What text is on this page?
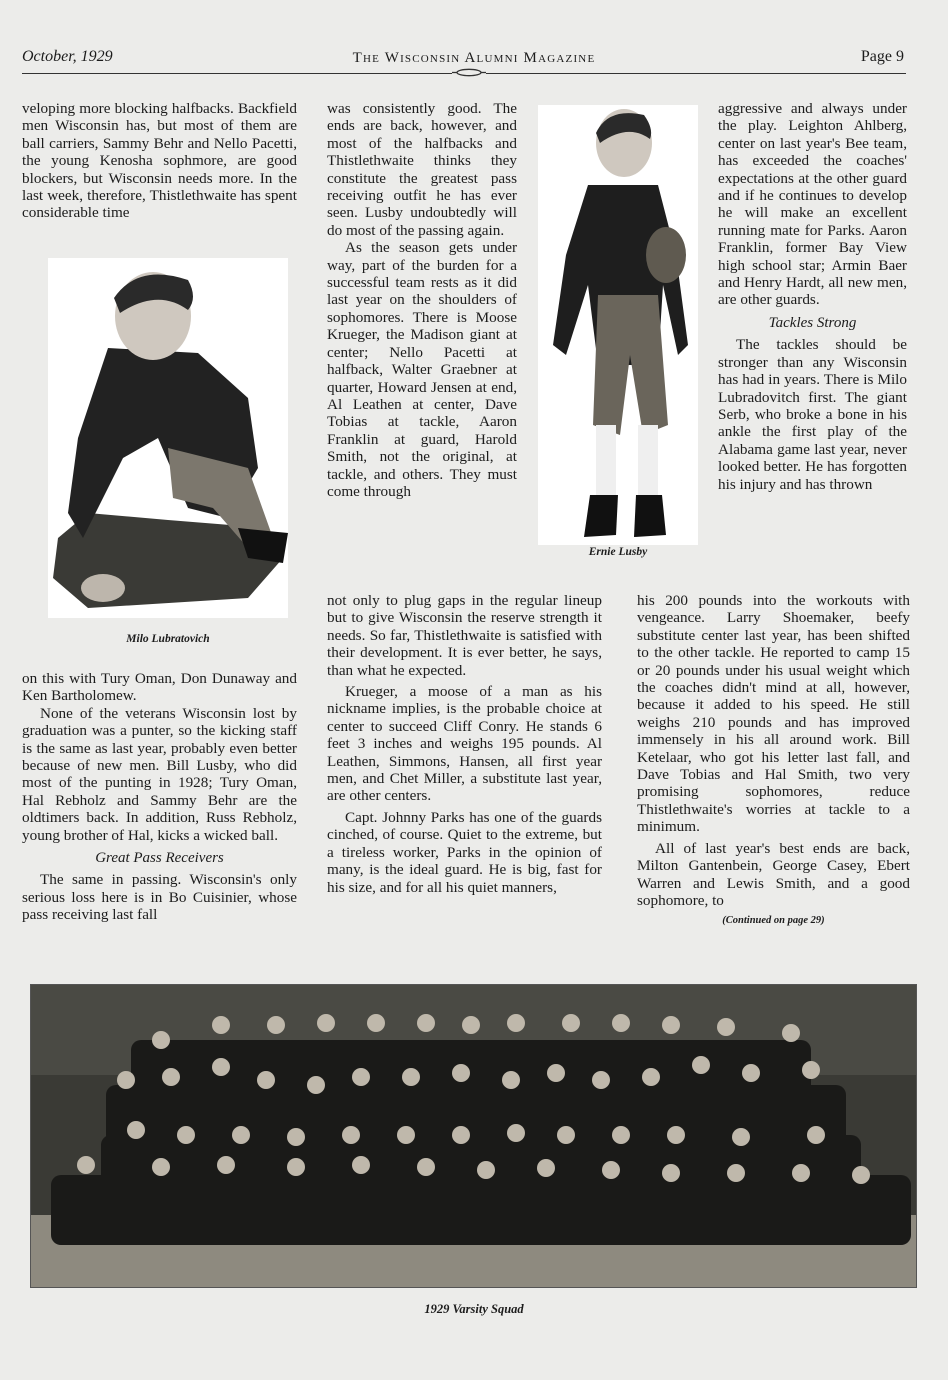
October, 1929	The Wisconsin Alumni Magazine	Page 9

veloping more blocking halfbacks. Backfield men Wisconsin has, but most of them are ball carriers, Sammy Behr and Nello Pacetti, the young Kenosha sophmore, are good blockers, but Wisconsin needs more. In the last week, therefore, Thistlethwaite has spent considerable time

Milo Lubratovich

on this with Tury Oman, Don Dunaway and Ken Bartholomew.

None of the veterans Wisconsin lost by graduation was a punter, so the kicking staff is the same as last year, probably even better because of new men. Bill Lusby, who did most of the punting in 1928; Tury Oman, Hal Rebholz and Sammy Behr are the oldtimers back. In addition, Russ Rebholz, young brother of Hal, kicks a wicked ball.

Great Pass Receivers

The same in passing. Wisconsin's only serious loss here is in Bo Cuisinier, whose pass receiving last fall

was consistently good. The ends are back, however, and most of the halfbacks and Thistlethwaite thinks they constitute the greatest pass receiving outfit he has ever seen. Lusby undoubtedly will do most of the passing again.

As the season gets under way, part of the burden for a successful team rests as it did last year on the shoulders of sophomores. There is Moose Krueger, the Madison giant at center; Nello Pacetti at halfback, Walter Graebner at quarter, Howard Jensen at end, Al Leathen at center, Dave Tobias at tackle, Aaron Franklin at guard, Harold Smith, not the original, at tackle, and others. They must come through

not only to plug gaps in the regular lineup but to give Wisconsin the reserve strength it needs. So far, Thistlethwaite is satisfied with their development. It is ever better, he says, than what he expected.

Krueger, a moose of a man as his nickname implies, is the probable choice at center to succeed Cliff Conry. He stands 6 feet 3 inches and weighs 195 pounds. Al Leathen, Simmons, Hansen, all first year men, and Chet Miller, a substitute last year, are other centers.

Capt. Johnny Parks has one of the guards cinched, of course. Quiet to the extreme, but a tireless worker, Parks in the opinion of many, is the ideal guard. He is big, fast for his size, and for all his quiet manners,

Ernie Lusby

aggressive and always under the play. Leighton Ahlberg, center on last year's Bee team, has exceeded the coaches' expectations at the other guard and if he continues to develop he will make an excellent running mate for Parks. Aaron Franklin, former Bay View high school star; Armin Baer and Henry Hardt, all new men, are other guards.

Tackles Strong

The tackles should be stronger than any Wisconsin has had in years. There is Milo Lubradovitch first. The giant Serb, who broke a bone in his ankle the first play of the Alabama game last year, never looked better. He has forgotten his injury and has thrown

his 200 pounds into the workouts with vengeance. Larry Shoemaker, beefy substitute center last year, has been shifted to the other tackle. He reported to camp 15 or 20 pounds under his usual weight which the coaches didn't mind at all, however, because it added to his speed. He still weighs 210 pounds and has improved immensely in his all around work. Bill Ketelaar, who got his letter last fall, and Dave Tobias and Hal Smith, two very promising sophomores, reduce Thistlethwaite's worries at tackle to a minimum.

All of last year's best ends are back, Milton Gantenbein, George Casey, Ebert Warren and Lewis Smith, and a good sophomore, to

(Continued on page 29)
1929 Varsity Squad
